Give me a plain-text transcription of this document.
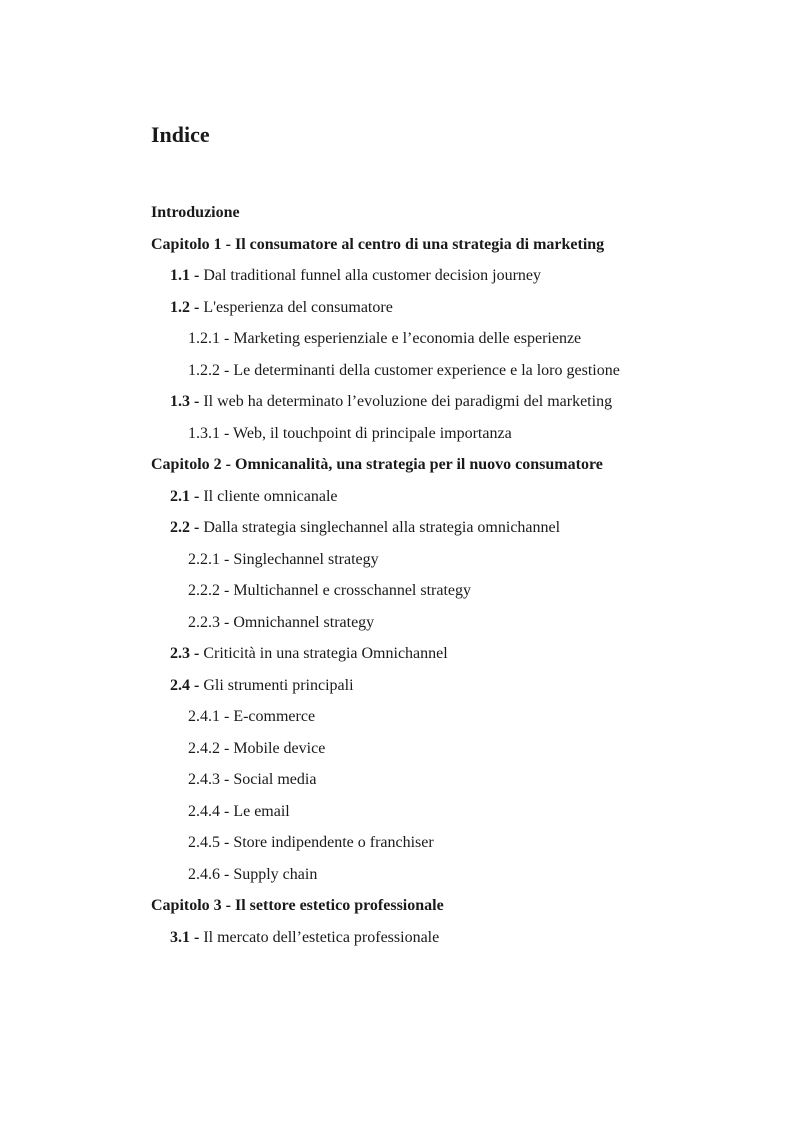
Indice
Introduzione
Capitolo 1 - Il consumatore al centro di una strategia di marketing
1.1 - Dal traditional funnel alla customer decision journey
1.2 - L'esperienza del consumatore
1.2.1 - Marketing esperienziale e l’economia delle esperienze
1.2.2 - Le determinanti della customer experience e la loro gestione
1.3 - Il web ha determinato l’evoluzione dei paradigmi del marketing
1.3.1 - Web, il touchpoint di principale importanza
Capitolo 2 - Omnicanalità, una strategia per il nuovo consumatore
2.1 - Il cliente omnicanale
2.2 - Dalla strategia singlechannel alla strategia omnichannel
2.2.1 - Singlechannel strategy
2.2.2 - Multichannel e crosschannel strategy
2.2.3 - Omnichannel strategy
2.3 - Criticità in una strategia Omnichannel
2.4 - Gli strumenti principali
2.4.1 - E-commerce
2.4.2 - Mobile device
2.4.3 - Social media
2.4.4 - Le email
2.4.5 - Store indipendente o franchiser
2.4.6 - Supply chain
Capitolo 3 - Il settore estetico professionale
3.1 - Il mercato dell’estetica professionale
